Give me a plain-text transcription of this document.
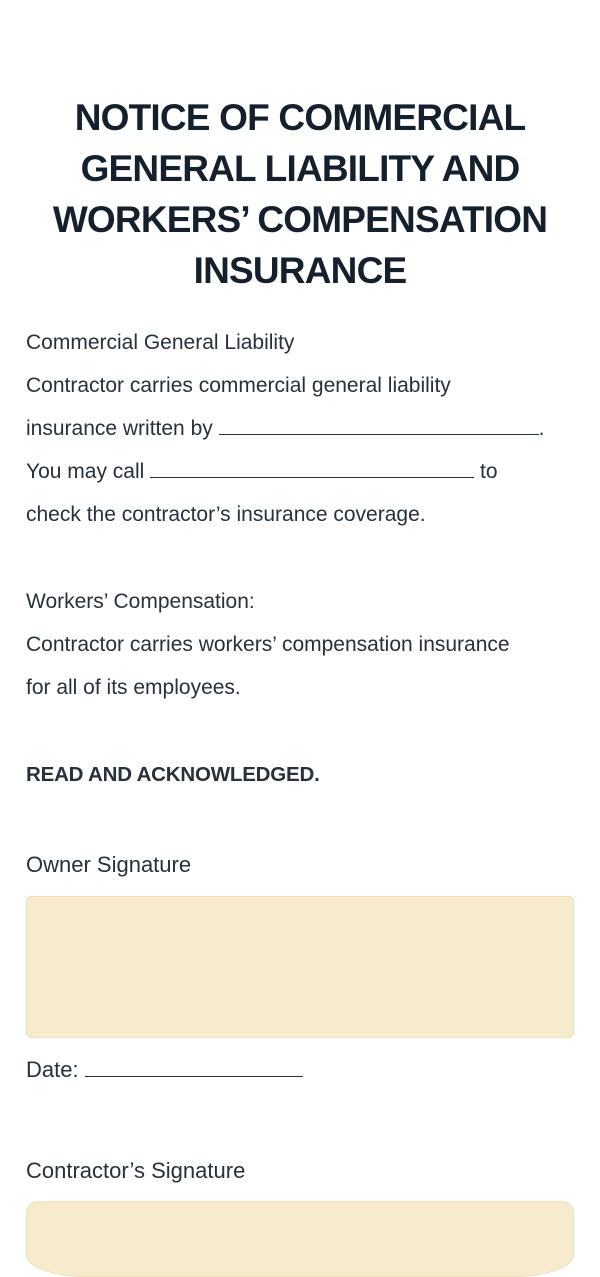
NOTICE OF COMMERCIAL
GENERAL LIABILITY AND
WORKERS’ COMPENSATION
INSURANCE
Commercial General Liability
Contractor carries commercial general liability
insurance written by	.
You may call	to
check the contractor’s insurance coverage.
Workers’ Compensation:
Contractor carries workers’ compensation insurance
for all of its employees.
READ AND ACKNOWLEDGED.
Owner Signature
Date:
Contractor’s Signature
